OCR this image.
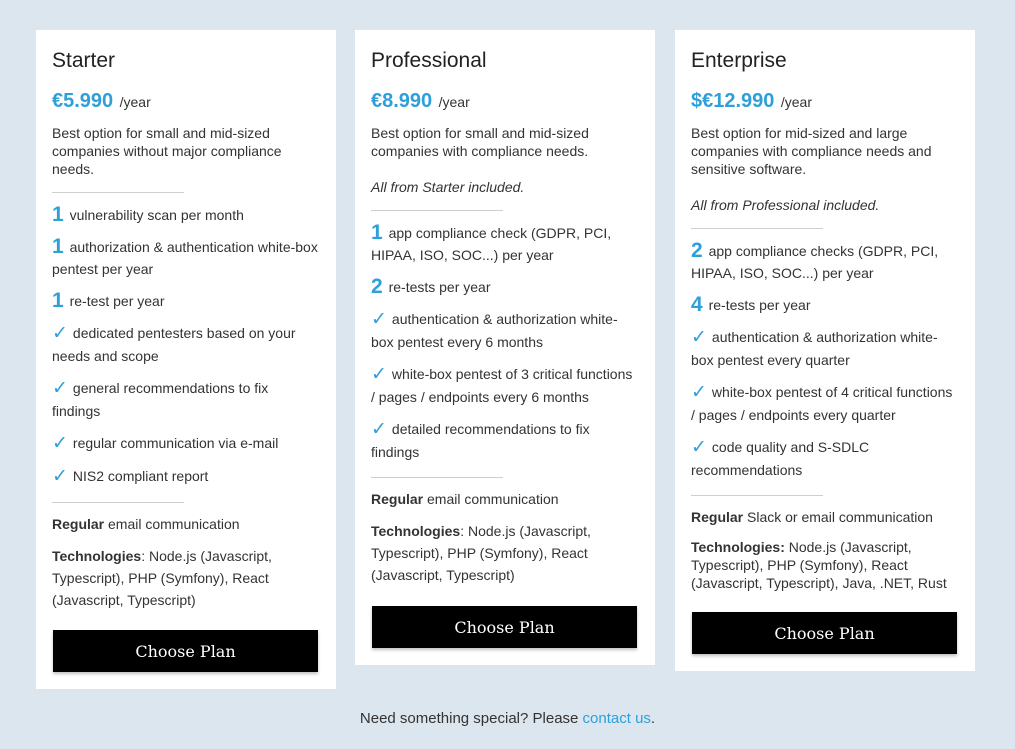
Starter
€5.990 /year

Best option for small and mid-sized companies without major compliance needs.

1 vulnerability scan per month
1 authorization & authentication white-box pentest per year
1 re-test per year
✓ dedicated pentesters based on your needs and scope
✓ general recommendations to fix findings
✓ regular communication via e-mail
✓ NIS2 compliant report

Regular email communication

Technologies: Node.js (Javascript, Typescript), PHP (Symfony), React (Javascript, Typescript)

Choose Plan
Professional
€8.990 /year

Best option for small and mid-sized companies with compliance needs.

All from Starter included.

1 app compliance check (GDPR, PCI, HIPAA, ISO, SOC...) per year
2 re-tests per year
✓ authentication & authorization white-box pentest every 6 months
✓ white-box pentest of 3 critical functions / pages / endpoints every 6 months
✓ detailed recommendations to fix findings

Regular email communication

Technologies: Node.js (Javascript, Typescript), PHP (Symfony), React (Javascript, Typescript)

Choose Plan
Enterprise
$€12.990 /year

Best option for mid-sized and large companies with compliance needs and sensitive software.

All from Professional included.

2 app compliance checks (GDPR, PCI, HIPAA, ISO, SOC...) per year
4 re-tests per year
✓ authentication & authorization white-box pentest every quarter
✓ white-box pentest of 4 critical functions / pages / endpoints every quarter
✓ code quality and S-SDLC recommendations

Regular Slack or email communication

Technologies: Node.js (Javascript, Typescript), PHP (Symfony), React (Javascript, Typescript), Java, .NET, Rust

Choose Plan
Need something special? Please contact us.
